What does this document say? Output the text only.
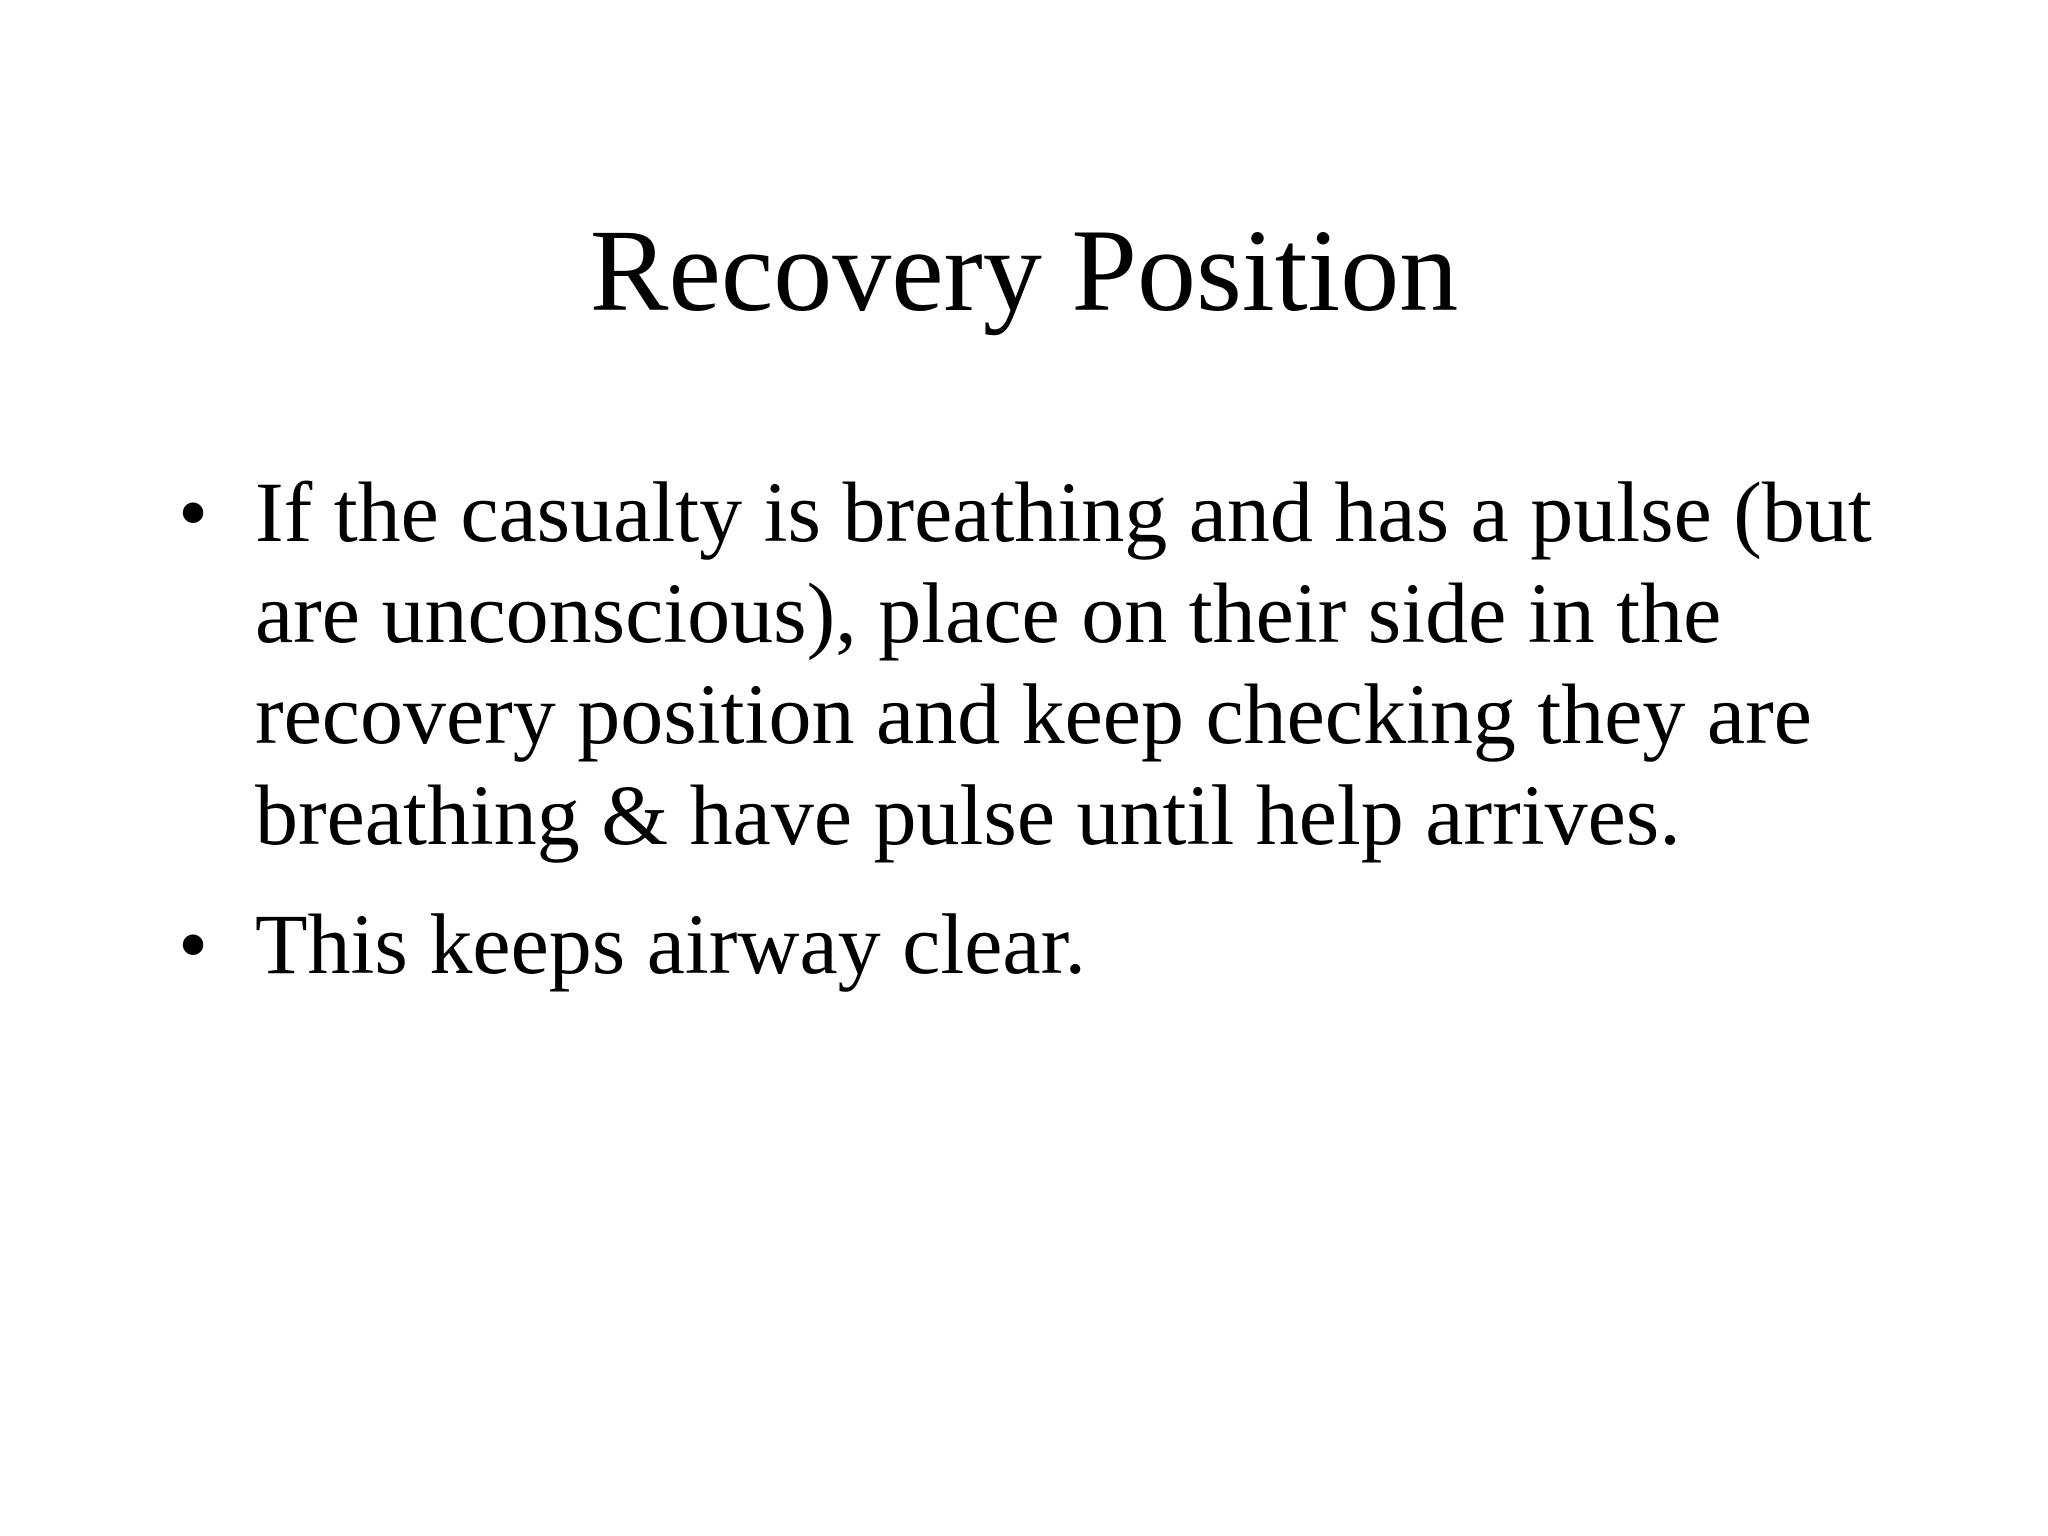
Recovery Position
• If the casualty is breathing and has a pulse (but are unconscious), place on their side in the recovery position and keep checking they are breathing & have pulse until help arrives.
• This keeps airway clear.
